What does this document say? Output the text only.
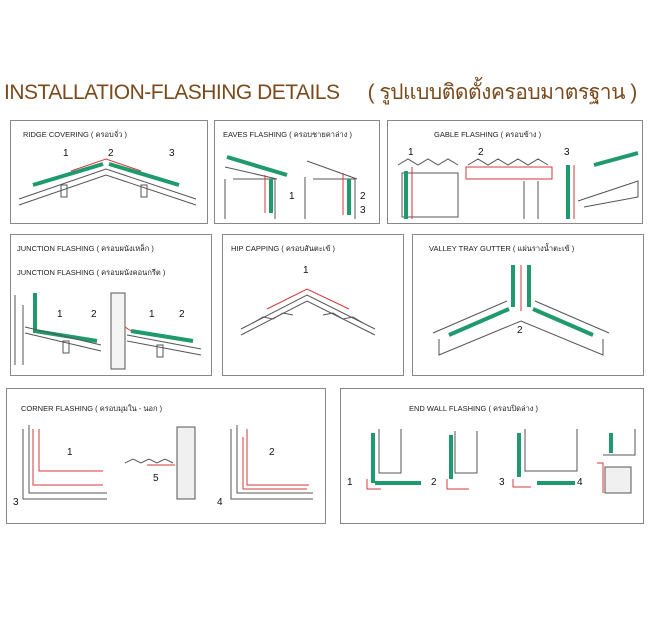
INSTALLATION-FLASHING DETAILS ( รูปแบบติดตั้งครอบมาตรฐาน )
RIDGE COVERING ( ครอบจั่ว )
1	2	3
EAVES FLASHING ( ครอบชายคาล่าง )
1	2
3
GABLE FLASHING ( ครอบข้าง )
1	2	3
JUNCTION FLASHING ( ครอบผนังเหล็ก )
JUNCTION FLASHING ( ครอบผนังคอนกรีต )
1	2	1 2
HIP CAPPING ( ครอบสันตะเข้ )
1
VALLEY TRAY GUTTER ( แผ่นรางน้ำตะเข้ )
2
CORNER FLASHING ( ครอบมุมใน - นอก )
1
5
2
3	4
END WALL FLASHING ( ครอบปิดล่าง )
1	2	3	4
